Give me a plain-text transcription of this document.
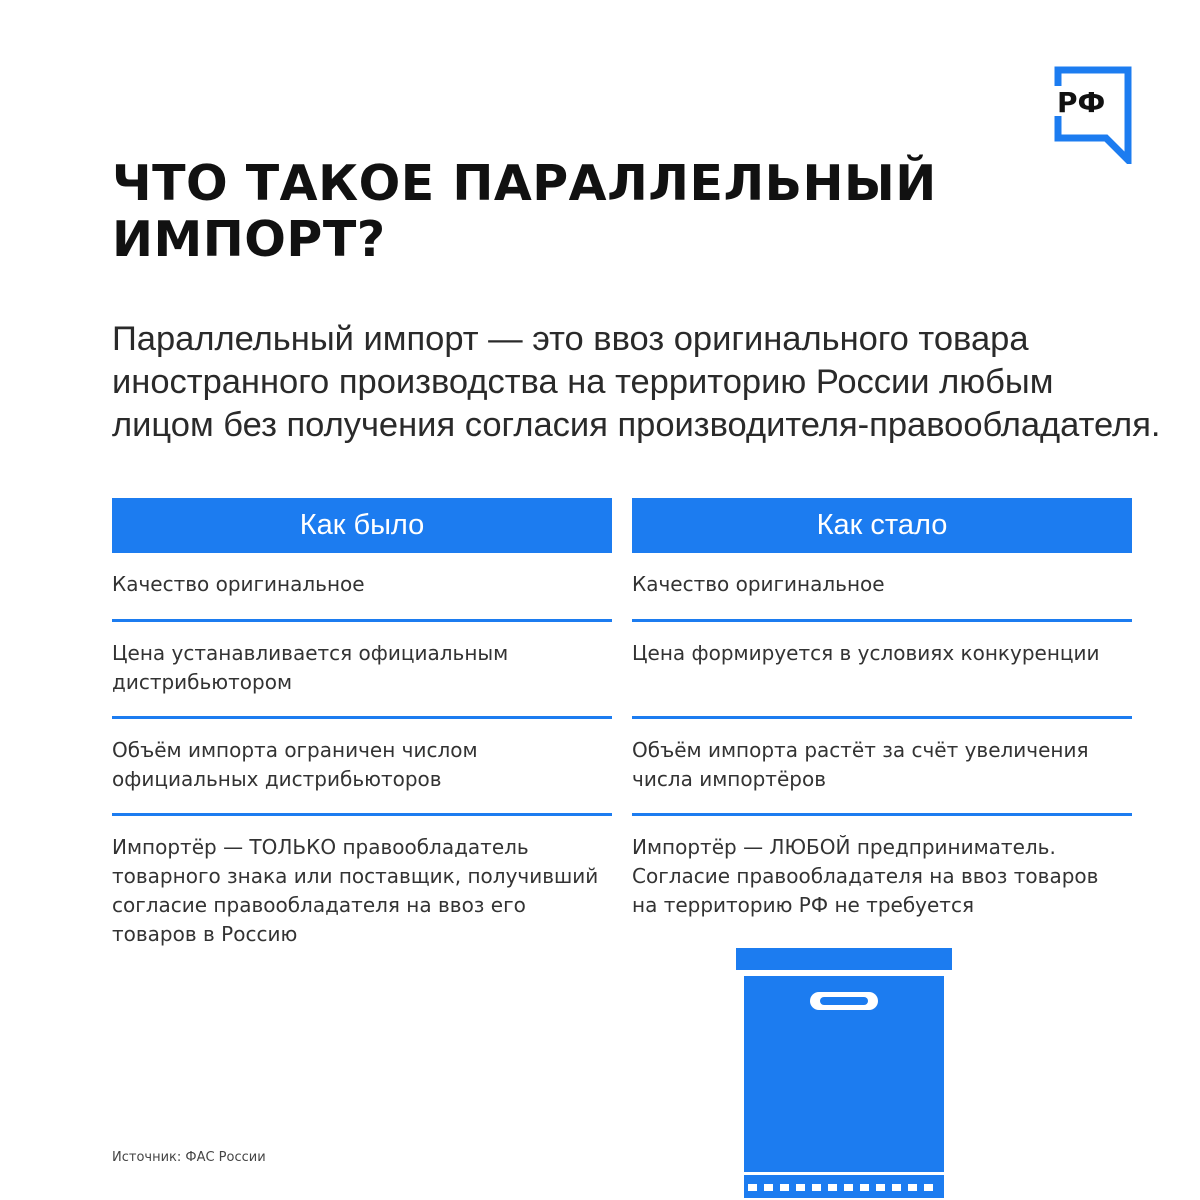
РФ
ЧТО ТАКОЕ ПАРАЛЛЕЛЬНЫЙ
ИМПОРТ?

Параллельный импорт — это ввоз оригинального товара
иностранного производства на территорию России любым
лицом без получения согласия производителя-правообладателя.

Как было
Качество оригинальное
Цена устанавливается официальным
дистрибьютором
Объём импорта ограничен числом
официальных дистрибьюторов
Импортёр — ТОЛЬКО правообладатель
товарного знака или поставщик, получивший
согласие правообладателя на ввоз его
товаров в Россию
Как стало
Качество оригинальное
Цена формируется в условиях конкуренции
Объём импорта растёт за счёт увеличения
числа импортёров
Импортёр — ЛЮБОЙ предприниматель.
Согласие правообладателя на ввоз товаров
на территорию РФ не требуется
Источник: ФАС России
